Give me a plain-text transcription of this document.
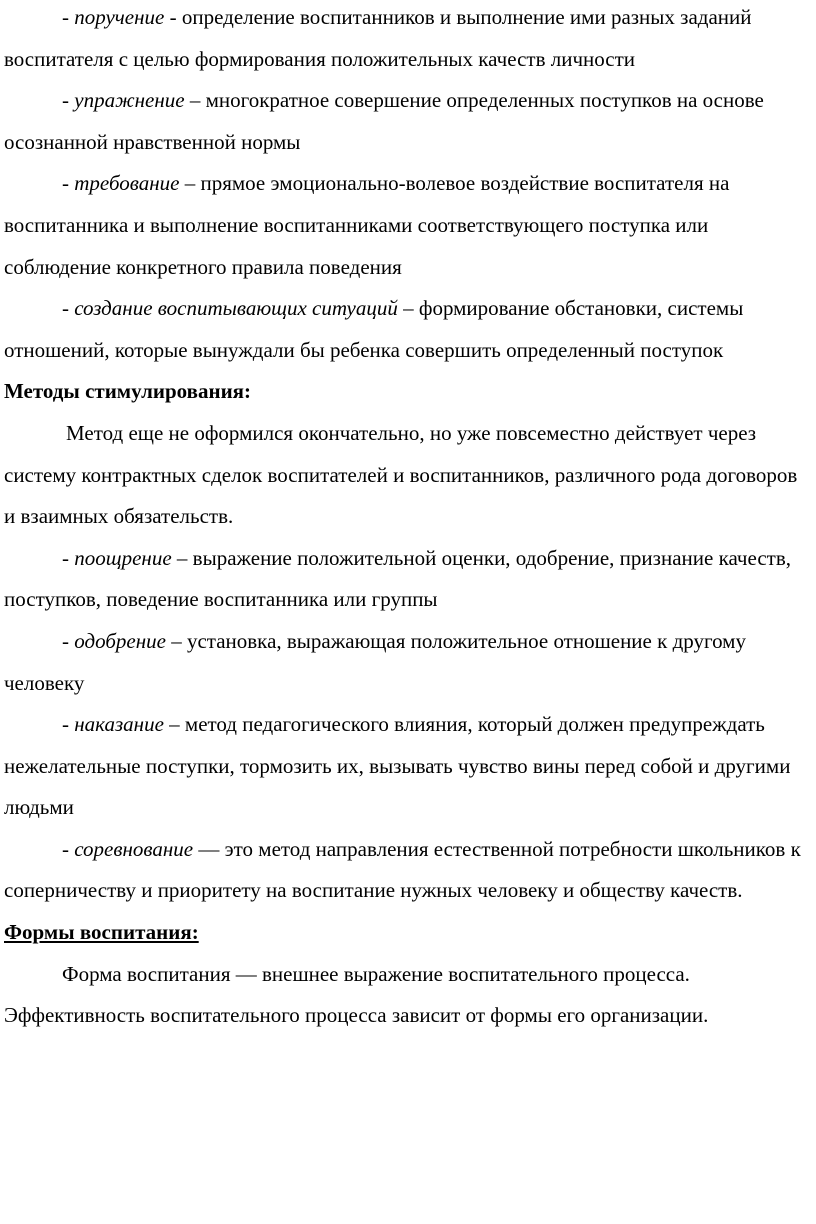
- поручение - определение воспитанников и выполнение ими разных заданий воспитателя с целью формирования положительных качеств личности

- упражнение – многократное совершение определенных поступков на основе осознанной нравственной нормы

- требование – прямое эмоционально-волевое воздействие воспитателя на воспитанника и выполнение воспитанниками соответствующего поступка или соблюдение конкретного правила поведения

- создание воспитывающих ситуаций – формирование обстановки, системы отношений, которые вынуждали бы ребенка совершить определенный поступок

Методы стимулирования:

Метод еще не оформился окончательно, но уже повсеместно действует через систему контрактных сделок воспитателей и воспитанников, различного рода договоров и взаимных обязательств.

- поощрение – выражение положительной оценки, одобрение, признание качеств, поступков, поведение воспитанника или группы

- одобрение – установка, выражающая положительное отношение к другому человеку

- наказание – метод педагогического влияния, который должен предупреждать нежелательные поступки, тормозить их, вызывать чувство вины перед собой и другими людьми

- соревнование — это метод направления естественной потребности школьников к соперничеству и приоритету на воспитание нужных человеку и обществу качеств.

Формы воспитания:

Форма воспитания — внешнее выражение воспитательного процесса. Эффективность воспитательного процесса зависит от формы его организации.
